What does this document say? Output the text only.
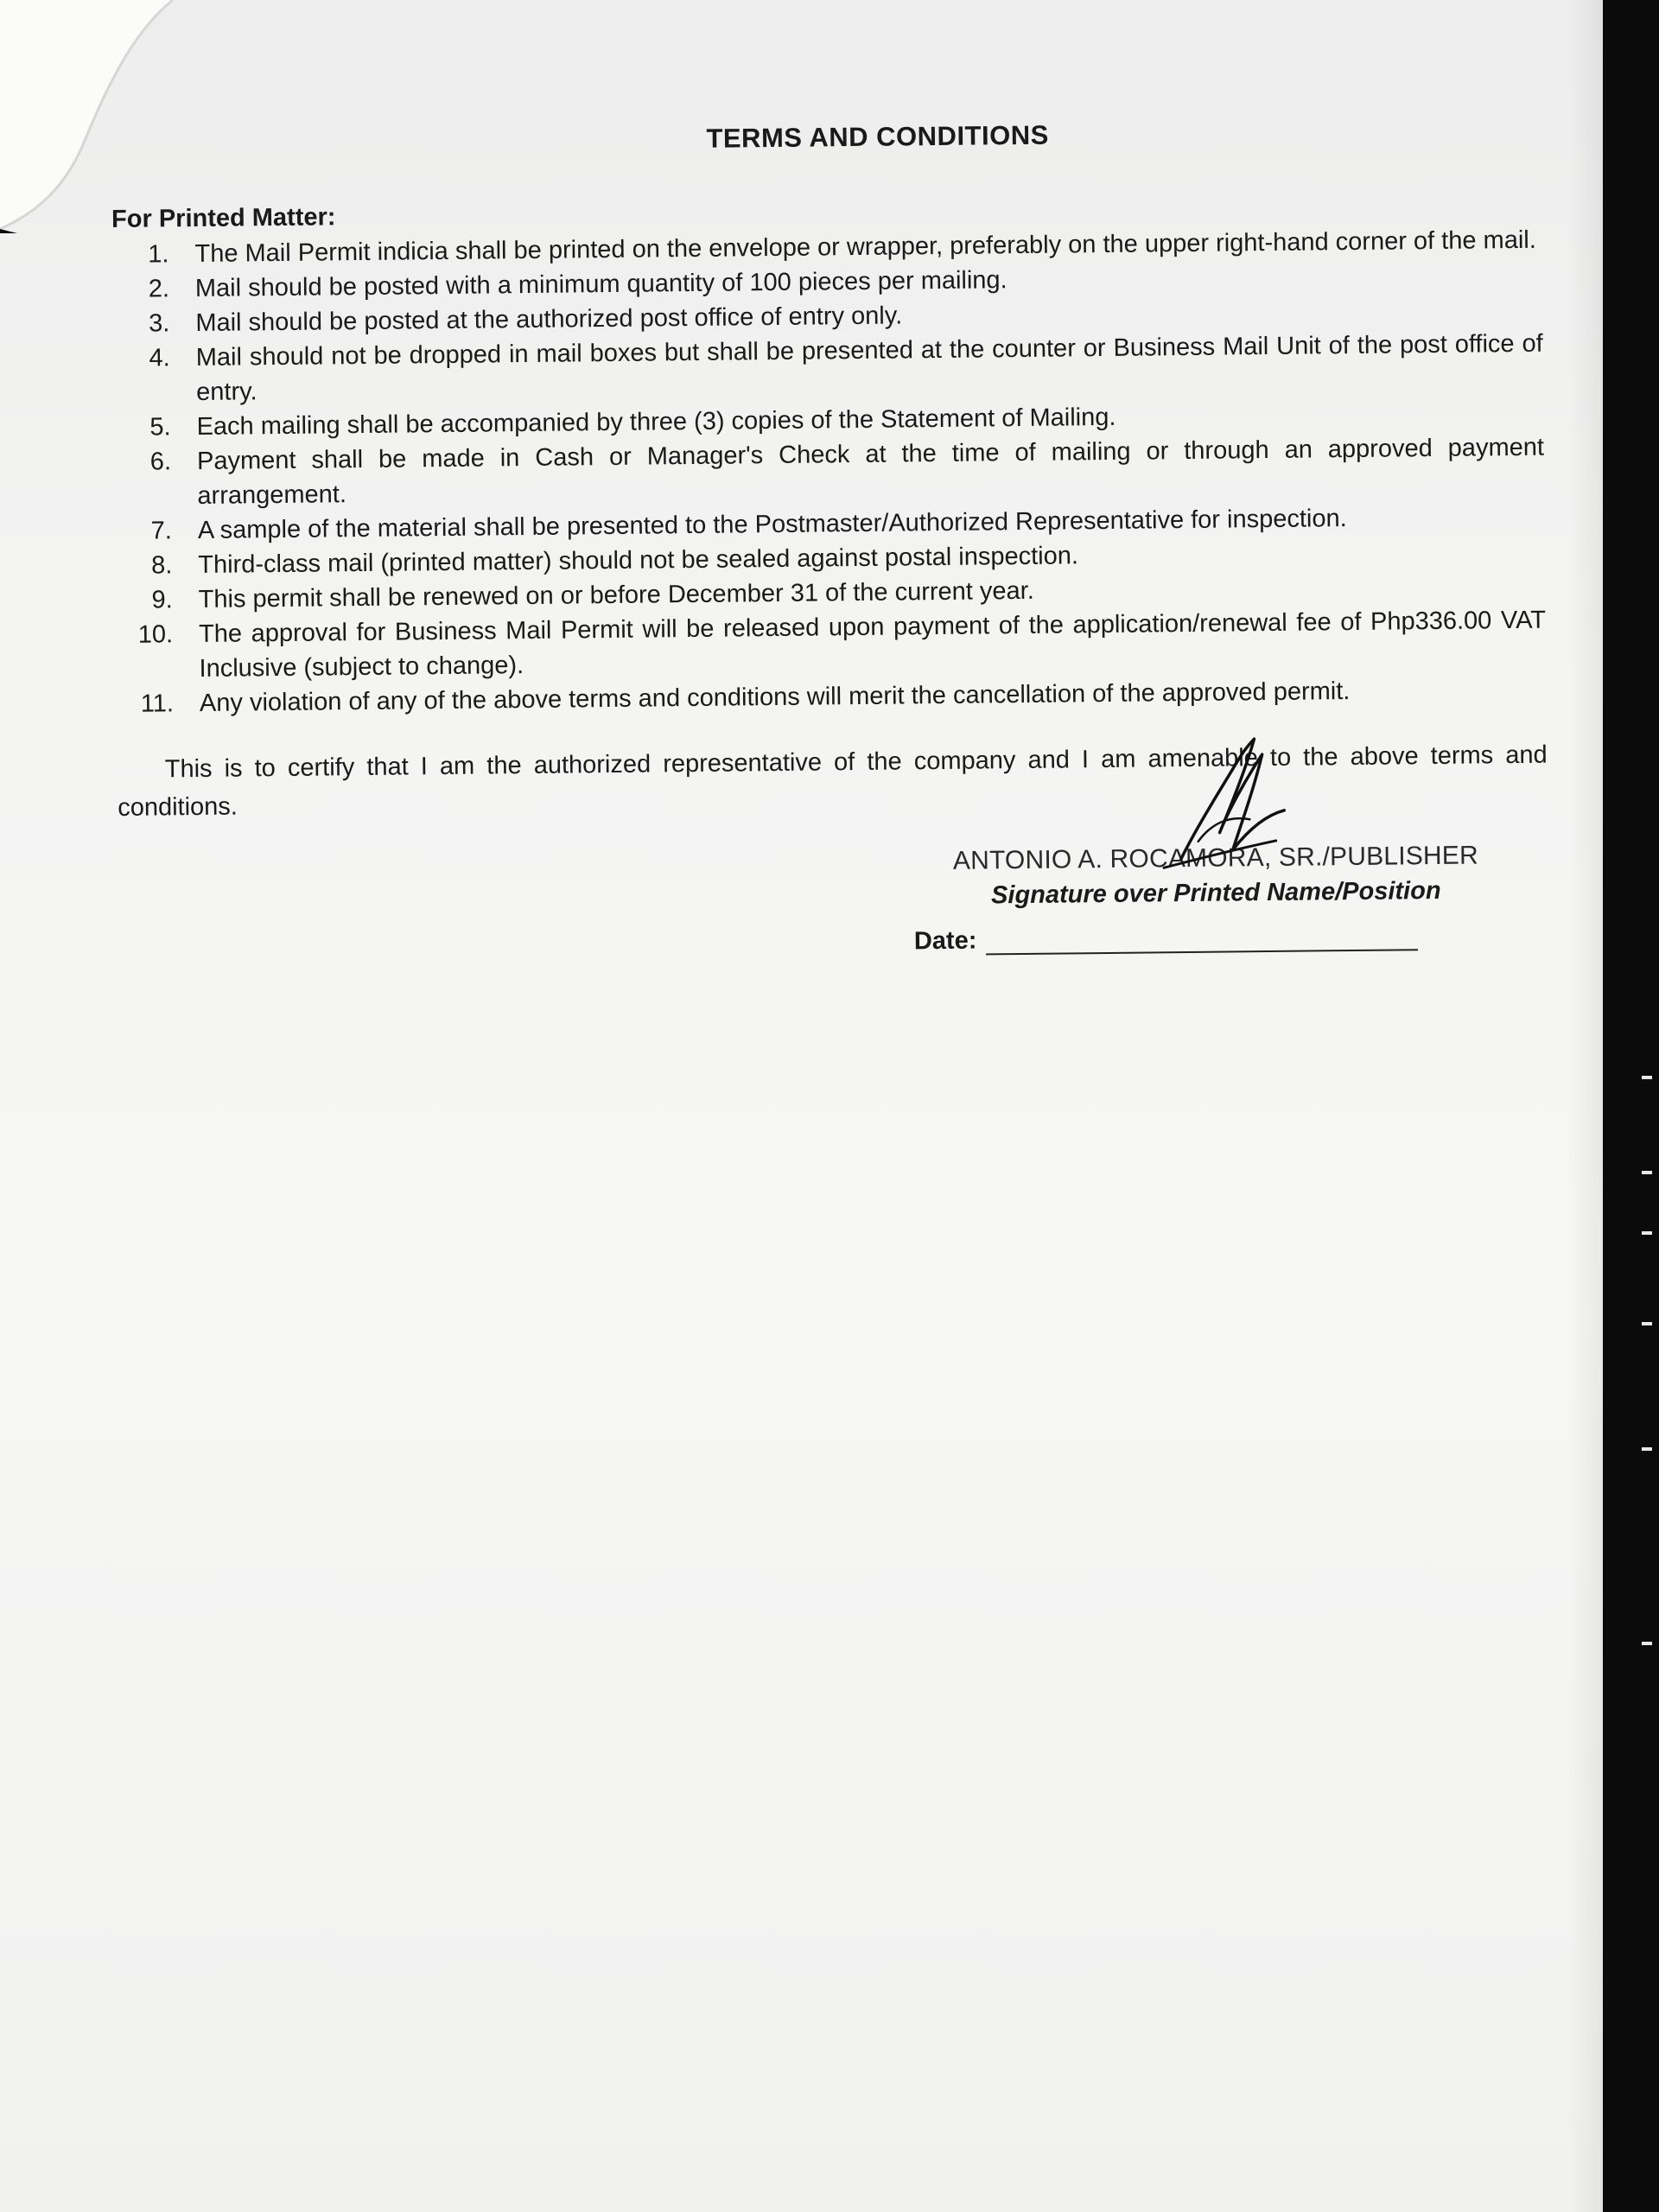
TERMS AND CONDITIONS
For Printed Matter:
1.	The Mail Permit indicia shall be printed on the envelope or wrapper, preferably on the upper right-hand corner of the mail.
2.	Mail should be posted with a minimum quantity of 100 pieces per mailing.
3.	Mail should be posted at the authorized post office of entry only.
4.	Mail should not be dropped in mail boxes but shall be presented at the counter or Business Mail Unit of the post office of entry.
5.	Each mailing shall be accompanied by three (3) copies of the Statement of Mailing.
6.	Payment shall be made in Cash or Manager's Check at the time of mailing or through an approved payment arrangement.
7.	A sample of the material shall be presented to the Postmaster/Authorized Representative for inspection.
8.	Third-class mail (printed matter) should not be sealed against postal inspection.
9.	This permit shall be renewed on or before December 31 of the current year.
10.	The approval for Business Mail Permit will be released upon payment of the application/renewal fee of Php336.00 VAT Inclusive (subject to change).
11.	Any violation of any of the above terms and conditions will merit the cancellation of the approved permit.

This is to certify that I am the authorized representative of the company and I am amenable to the above terms and conditions.

ANTONIO A. ROCAMORA, SR./PUBLISHER
Signature over Printed Name/Position
Date:
